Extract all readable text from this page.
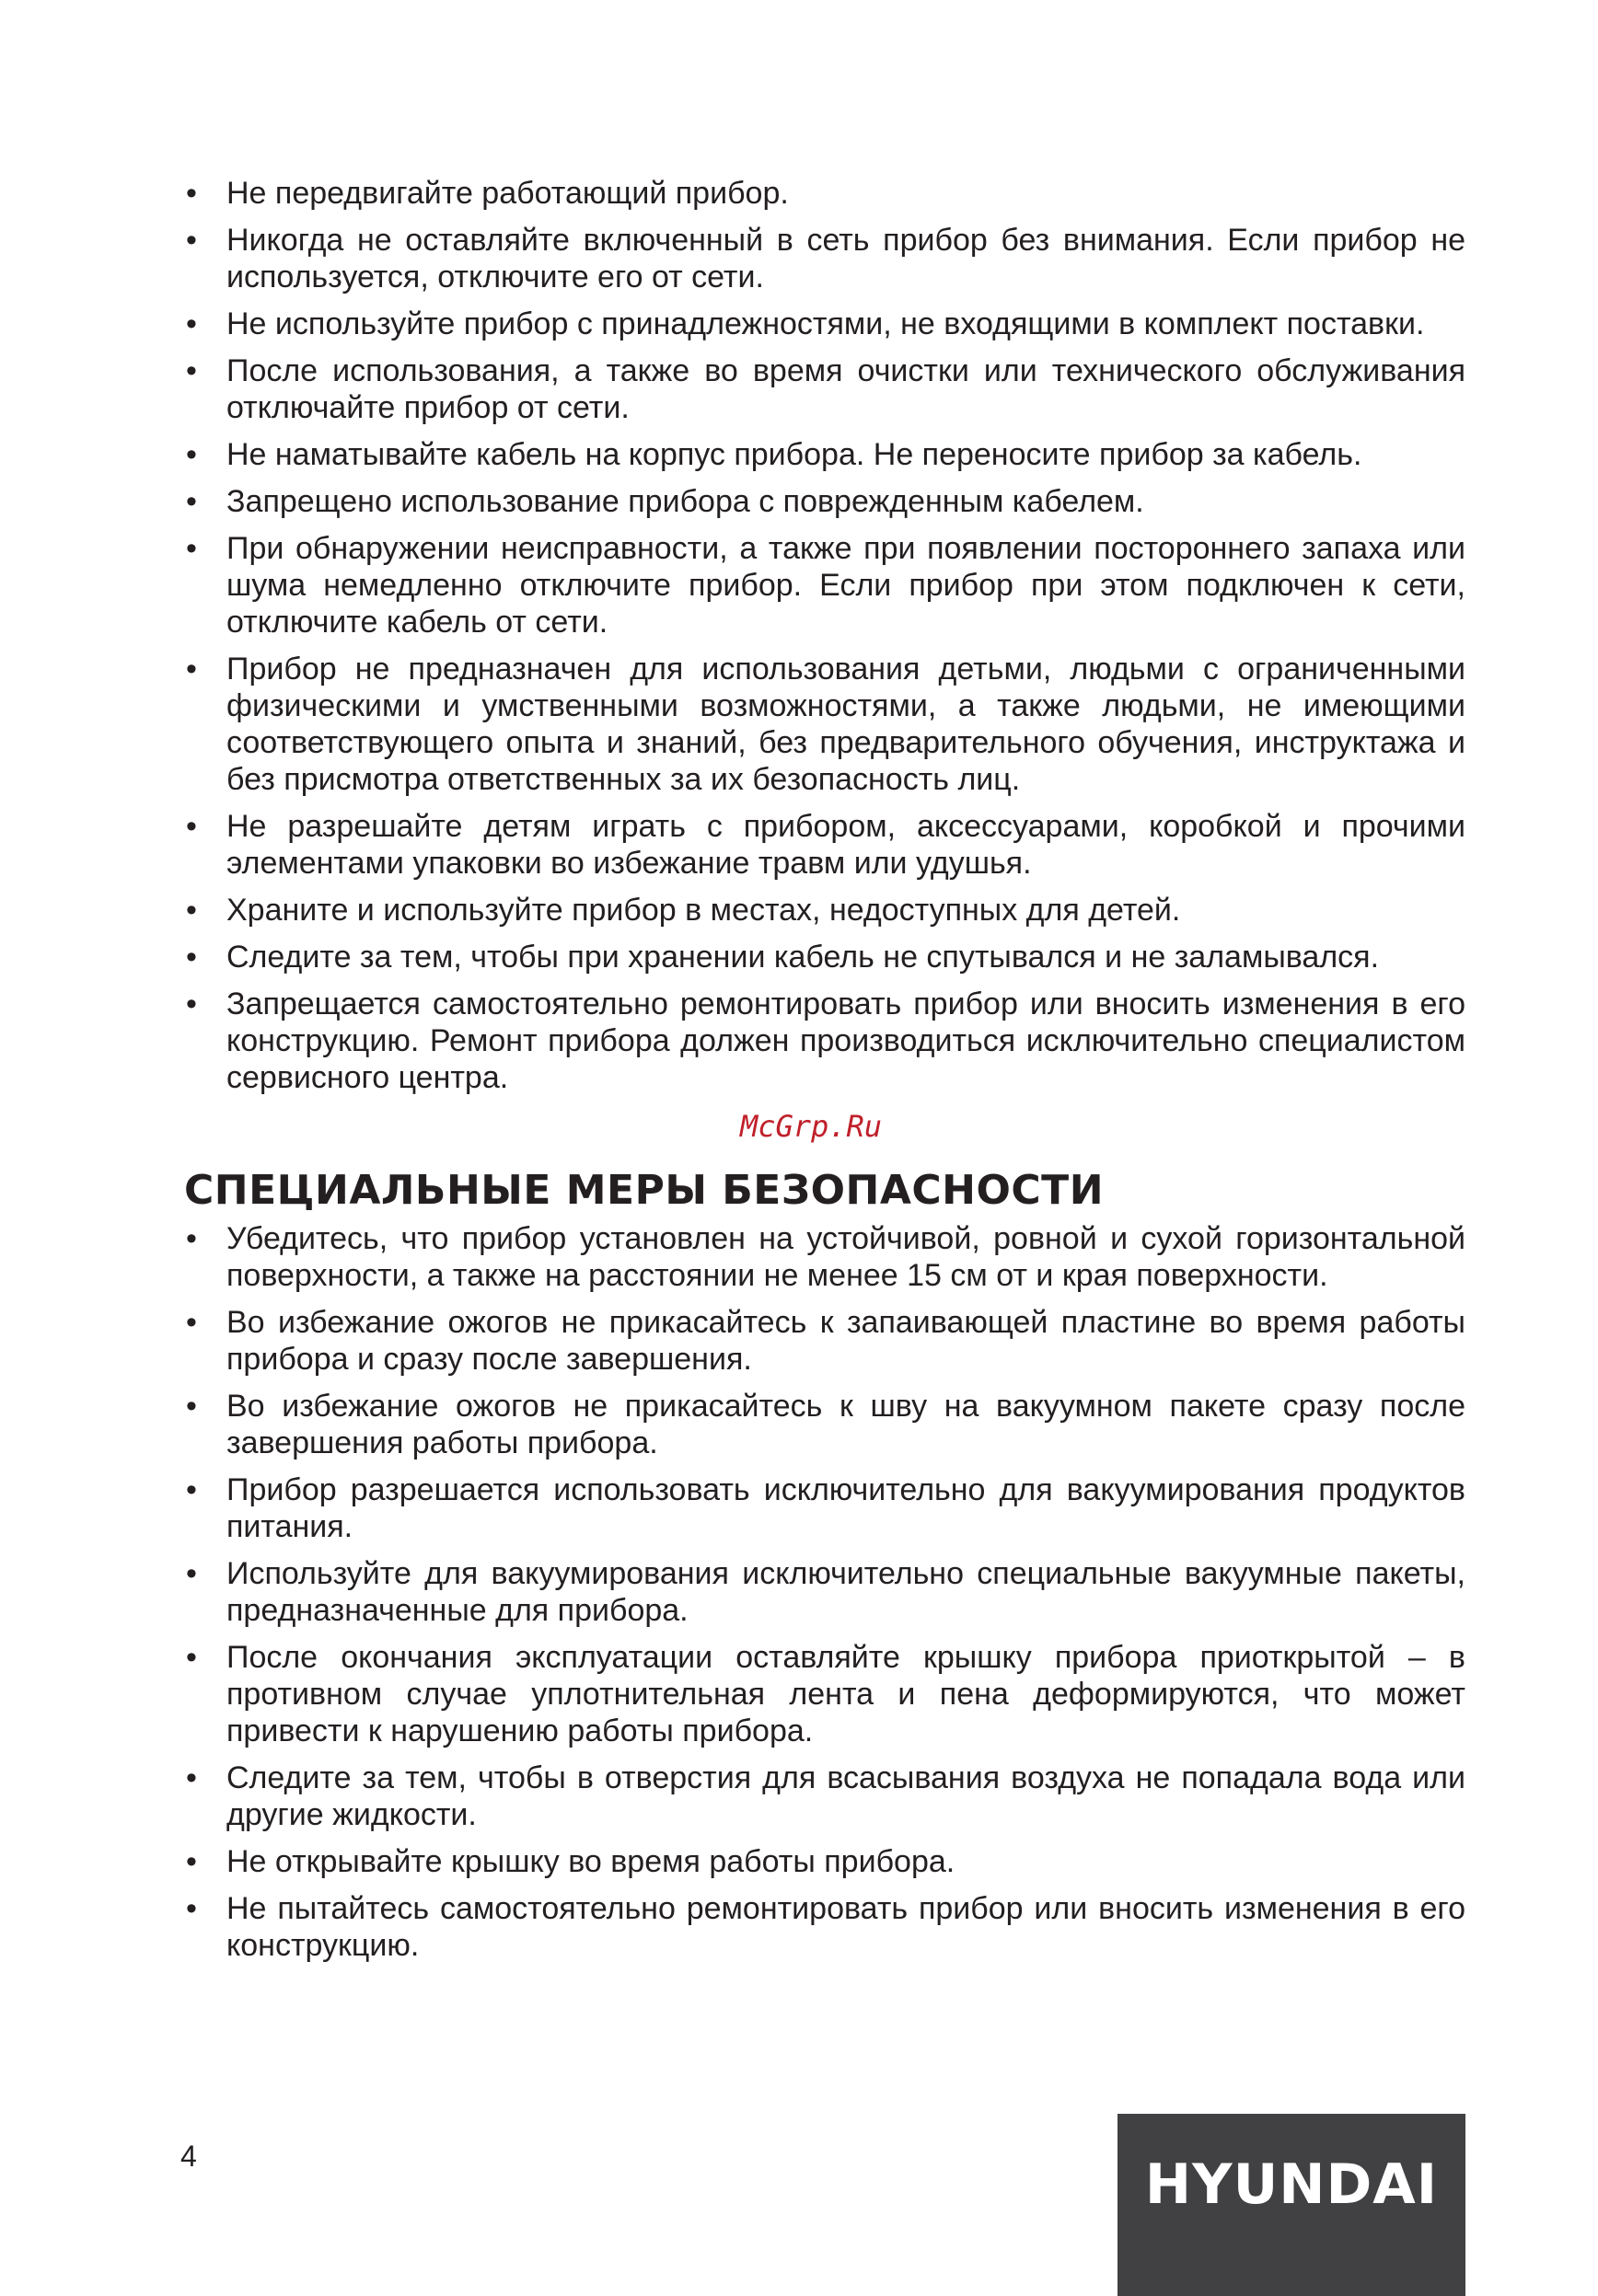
• Не передвигайте работающий прибор.
• Никогда не оставляйте включенный в сеть прибор без внимания. Если прибор не используется, отключите его от сети.
• Не используйте прибор с принадлежностями, не входящими в комплект поставки.
• После использования, а также во время очистки или технического обслуживания отключайте прибор от сети.
• Не наматывайте кабель на корпус прибора. Не переносите прибор за кабель.
• Запрещено использование прибора с поврежденным кабелем.
• При обнаружении неисправности, а также при появлении постороннего запаха или шума немедленно отключите прибор. Если прибор при этом подключен к сети, отключите кабель от сети.
• Прибор не предназначен для использования детьми, людьми с ограниченными физическими и умственными возможностями, а также людьми, не имеющими соответствующего опыта и знаний, без предварительного обучения, инструктажа и без присмотра ответственных за их безопасность лиц.
• Не разрешайте детям играть с прибором, аксессуарами, коробкой и прочими элементами упаковки во избежание травм или удушья.
• Храните и используйте прибор в местах, недоступных для детей.
• Следите за тем, чтобы при хранении кабель не спутывался и не заламывался.
• Запрещается самостоятельно ремонтировать прибор или вносить изменения в его конструкцию. Ремонт прибора должен производиться исключительно специалистом сервисного центра.
McGrp.Ru
СПЕЦИАЛЬНЫЕ МЕРЫ БЕЗОПАСНОСТИ
• Убедитесь, что прибор установлен на устойчивой, ровной и сухой горизонтальной поверхности, а также на расстоянии не менее 15 см от и края поверхности.
• Во избежание ожогов не прикасайтесь к запаивающей пластине во время работы прибора и сразу после завершения.
• Во избежание ожогов не прикасайтесь к шву на вакуумном пакете сразу после завершения работы прибора.
• Прибор разрешается использовать исключительно для вакуумирования продуктов питания.
• Используйте для вакуумирования исключительно специальные вакуумные пакеты, предназначенные для прибора.
• После окончания эксплуатации оставляйте крышку прибора приоткрытой – в противном случае уплотнительная лента и пена деформируются, что может привести к нарушению работы прибора.
• Следите за тем, чтобы в отверстия для всасывания воздуха не попадала вода или другие жидкости.
• Не открывайте крышку во время работы прибора.
• Не пытайтесь самостоятельно ремонтировать прибор или вносить изменения в его конструкцию.
4	HYUNDAI
